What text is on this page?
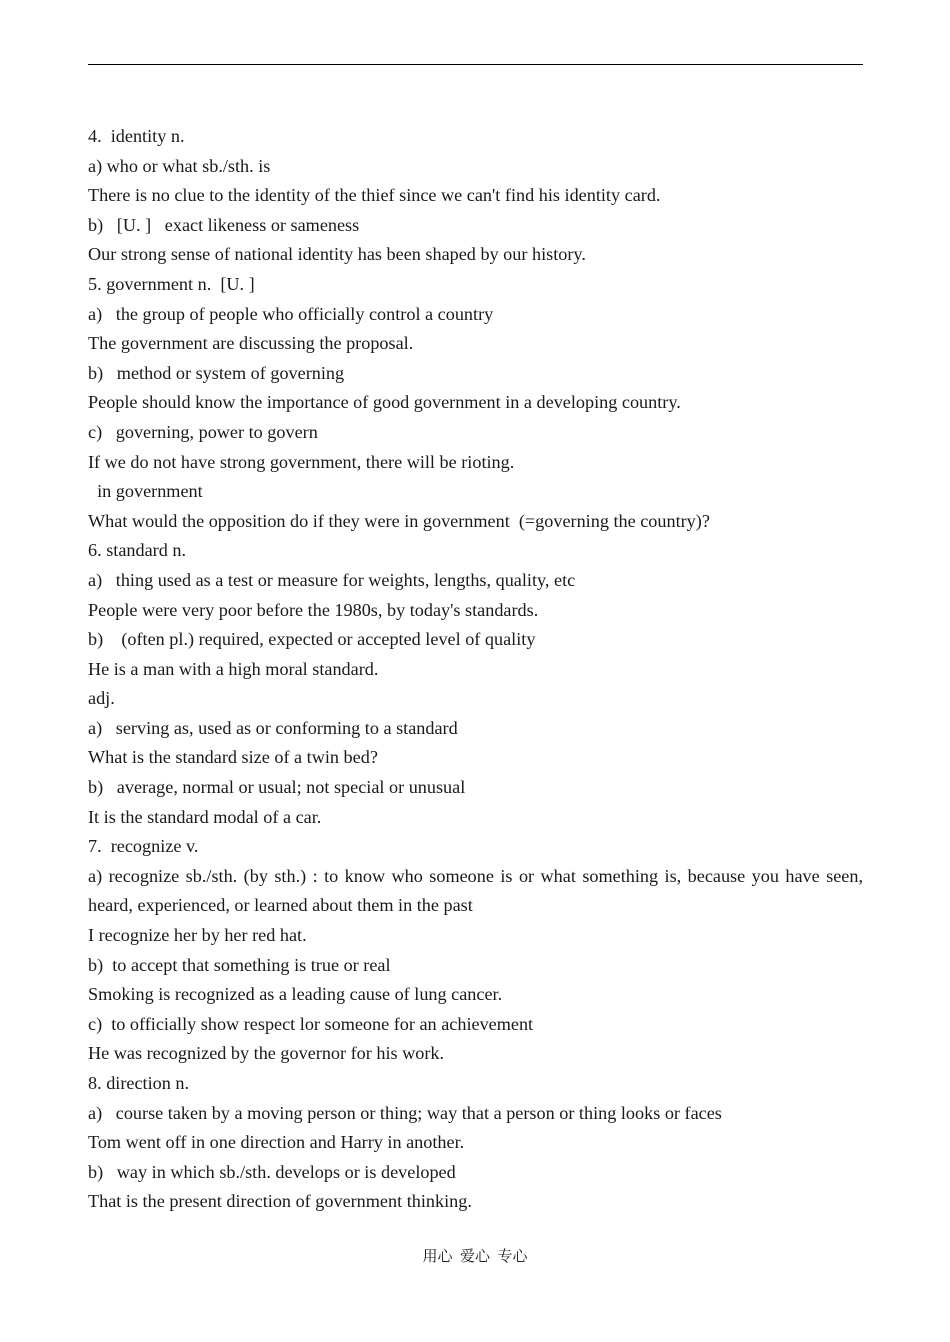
4.  identity n.

a) who or what sb./sth. is

There is no clue to the identity of the thief since we can't find his identity card.

b)   [U. ]   exact likeness or sameness

Our strong sense of national identity has been shaped by our history.

5. government n.  [U. ]

a)   the group of people who officially control a country

The government are discussing the proposal.

b)   method or system of governing

People should know the importance of good government in a developing country.

c)   governing, power to govern

If we do not have strong government, there will be rioting.

in government

What would the opposition do if they were in government  (=governing the country)?

6. standard n.

a)   thing used as a test or measure for weights, lengths, quality, etc

People were very poor before the 1980s, by today's standards.

b)    (often pl.) required, expected or accepted level of quality

He is a man with a high moral standard.

adj.

a)   serving as, used as or conforming to a standard

What is the standard size of a twin bed?

b)   average, normal or usual; not special or unusual

It is the standard modal of a car.

7.  recognize v.

a) recognize sb./sth. (by sth.) : to know who someone is or what something is, because you have seen, heard, experienced, or learned about them in the past

I recognize her by her red hat.

b)  to accept that something is true or real

Smoking is recognized as a leading cause of lung cancer.

c)  to officially show respect lor someone for an achievement

He was recognized by the governor for his work.

8. direction n.

a)   course taken by a moving person or thing; way that a person or thing looks or faces

Tom went off in one direction and Harry in another.

b)   way in which sb./sth. develops or is developed

That is the present direction of government thinking.

用心  爱心  专心
